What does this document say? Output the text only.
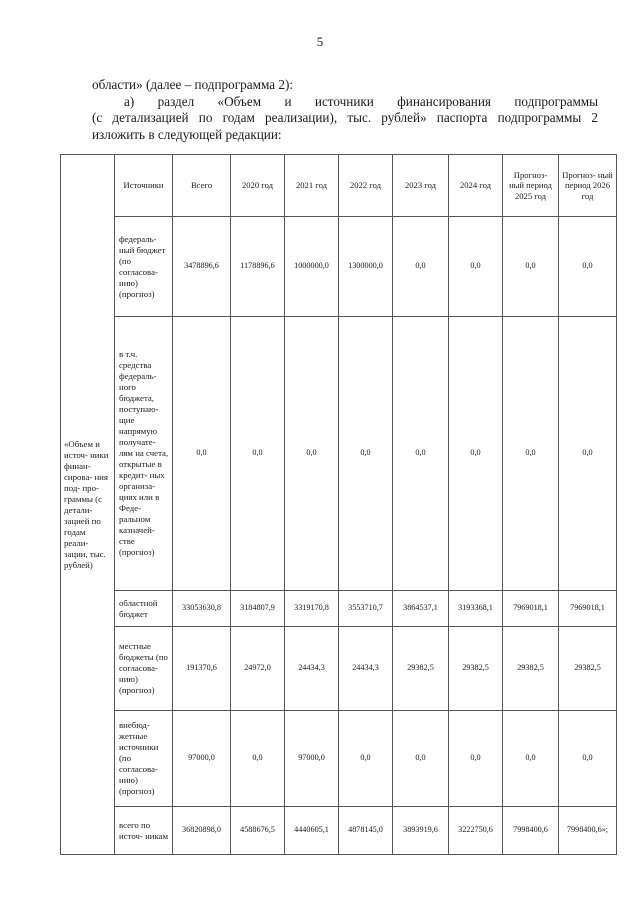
5

области» (далее – подпрограмма 2):

а) раздел «Объем и источники финансирования подпрограммы

(с детализацией по годам реализации), тыс. рублей» паспорта подпрограммы 2

изложить в следующей редакции:

«Объем и источ- ники финан- сирова- ния под- про- граммы (с детали- зацией по годам реали- зации, тыс. рублей)	Источники	Всего	2020 год	2021 год	2022 год	2023 год	2024 год	Прогноз- ный период 2025 год	Прогноз- ный период 2026 год
	федераль- ный бюджет (по согласова- нию) (прогноз)	3478896,6	1178896,6	1000000,0	1300000,0	0,0	0,0	0,0	0,0
	в т.ч. средства федераль- ного бюджета, поступаю- щие напрямую получате- лям на счета, открытые в кредит- ных организа- циях или в Феде- ральном казначей- стве (прогноз)	0,0	0,0	0,0	0,0	0,0	0,0	0,0	0,0
	областной бюджет	33053630,8	3184807,9	3319170,8	3553710,7	3864537,1	3193368,1	7969018,1	7969018,1
	местные бюджеты (по согласова- нию) (прогноз)	191370,6	24972,0	24434,3	24434,3	29382,5	29382,5	29382,5	29382,5
	внебюд- жетные источники (по согласова- нию) (прогноз)	97000,0	0,0	97000,0	0,0	0,0	0,0	0,0	0,0
	всего по источ- никам	36820898,0	4588676,5	4440605,1	4878145,0	3893919,6	3222750,6	7998400,6	7998400,6»;
